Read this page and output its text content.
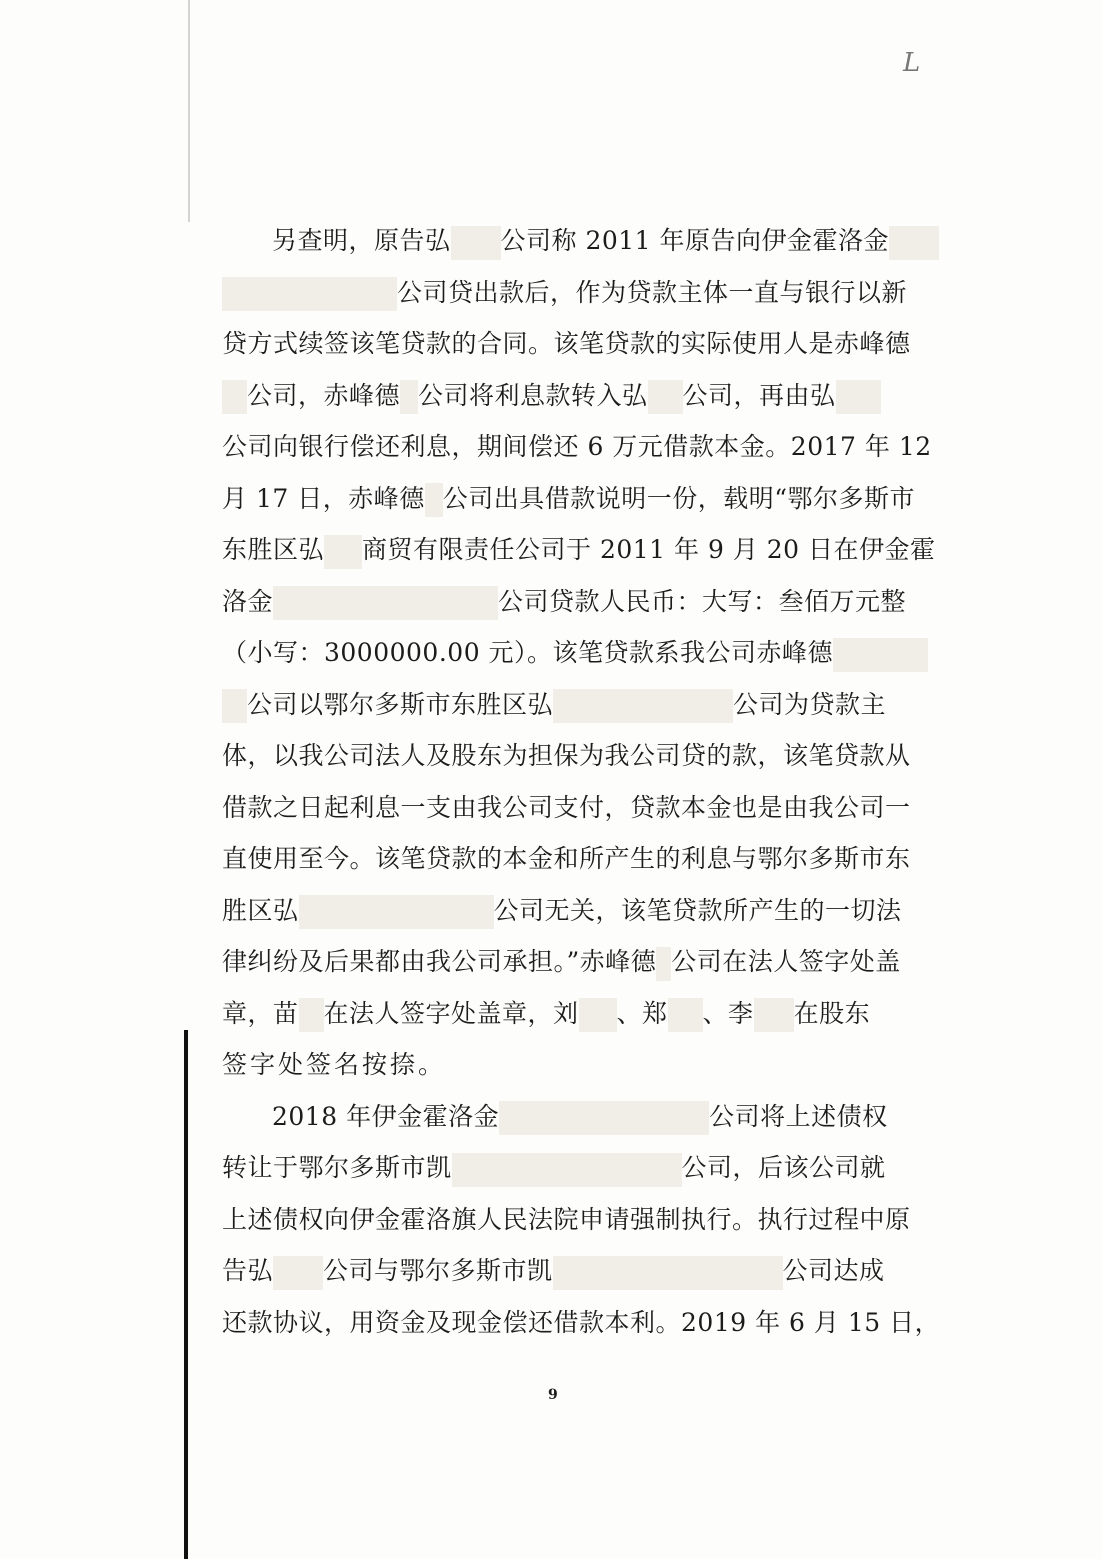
L
另查明，原告弘 公司称 2011 年原告向伊金霍洛金
公司贷出款后，作为贷款主体一直与银行以新
贷方式续签该笔贷款的合同。该笔贷款的实际使用人是赤峰德
公司，赤峰德 公司将利息款转入弘 公司，再由弘
公司向银行偿还利息，期间偿还 6 万元借款本金。2017 年 12
月 17 日，赤峰德 公司出具借款说明一份，载明“鄂尔多斯市
东胜区弘 商贸有限责任公司于 2011 年 9 月 20 日在伊金霍
洛金	公司贷款人民币：大写：叁佰万元整
（小写：3000000.00 元）。该笔贷款系我公司赤峰德
公司以鄂尔多斯市东胜区弘	公司为贷款主
体，以我公司法人及股东为担保为我公司贷的款，该笔贷款从
借款之日起利息一支由我公司支付，贷款本金也是由我公司一
直使用至今。该笔贷款的本金和所产生的利息与鄂尔多斯市东
胜区弘	公司无关，该笔贷款所产生的一切法
律纠纷及后果都由我公司承担。”赤峰德 公司在法人签字处盖
章，苗 在法人签字处盖章，刘 、郑 、李 在股东
签字处签名按捺。
2018 年伊金霍洛金	公司将上述债权
转让于鄂尔多斯市凯	公司，后该公司就
上述债权向伊金霍洛旗人民法院申请强制执行。执行过程中原
告弘 公司与鄂尔多斯市凯	公司达成
还款协议，用资金及现金偿还借款本利。2019 年 6 月 15 日，
9
